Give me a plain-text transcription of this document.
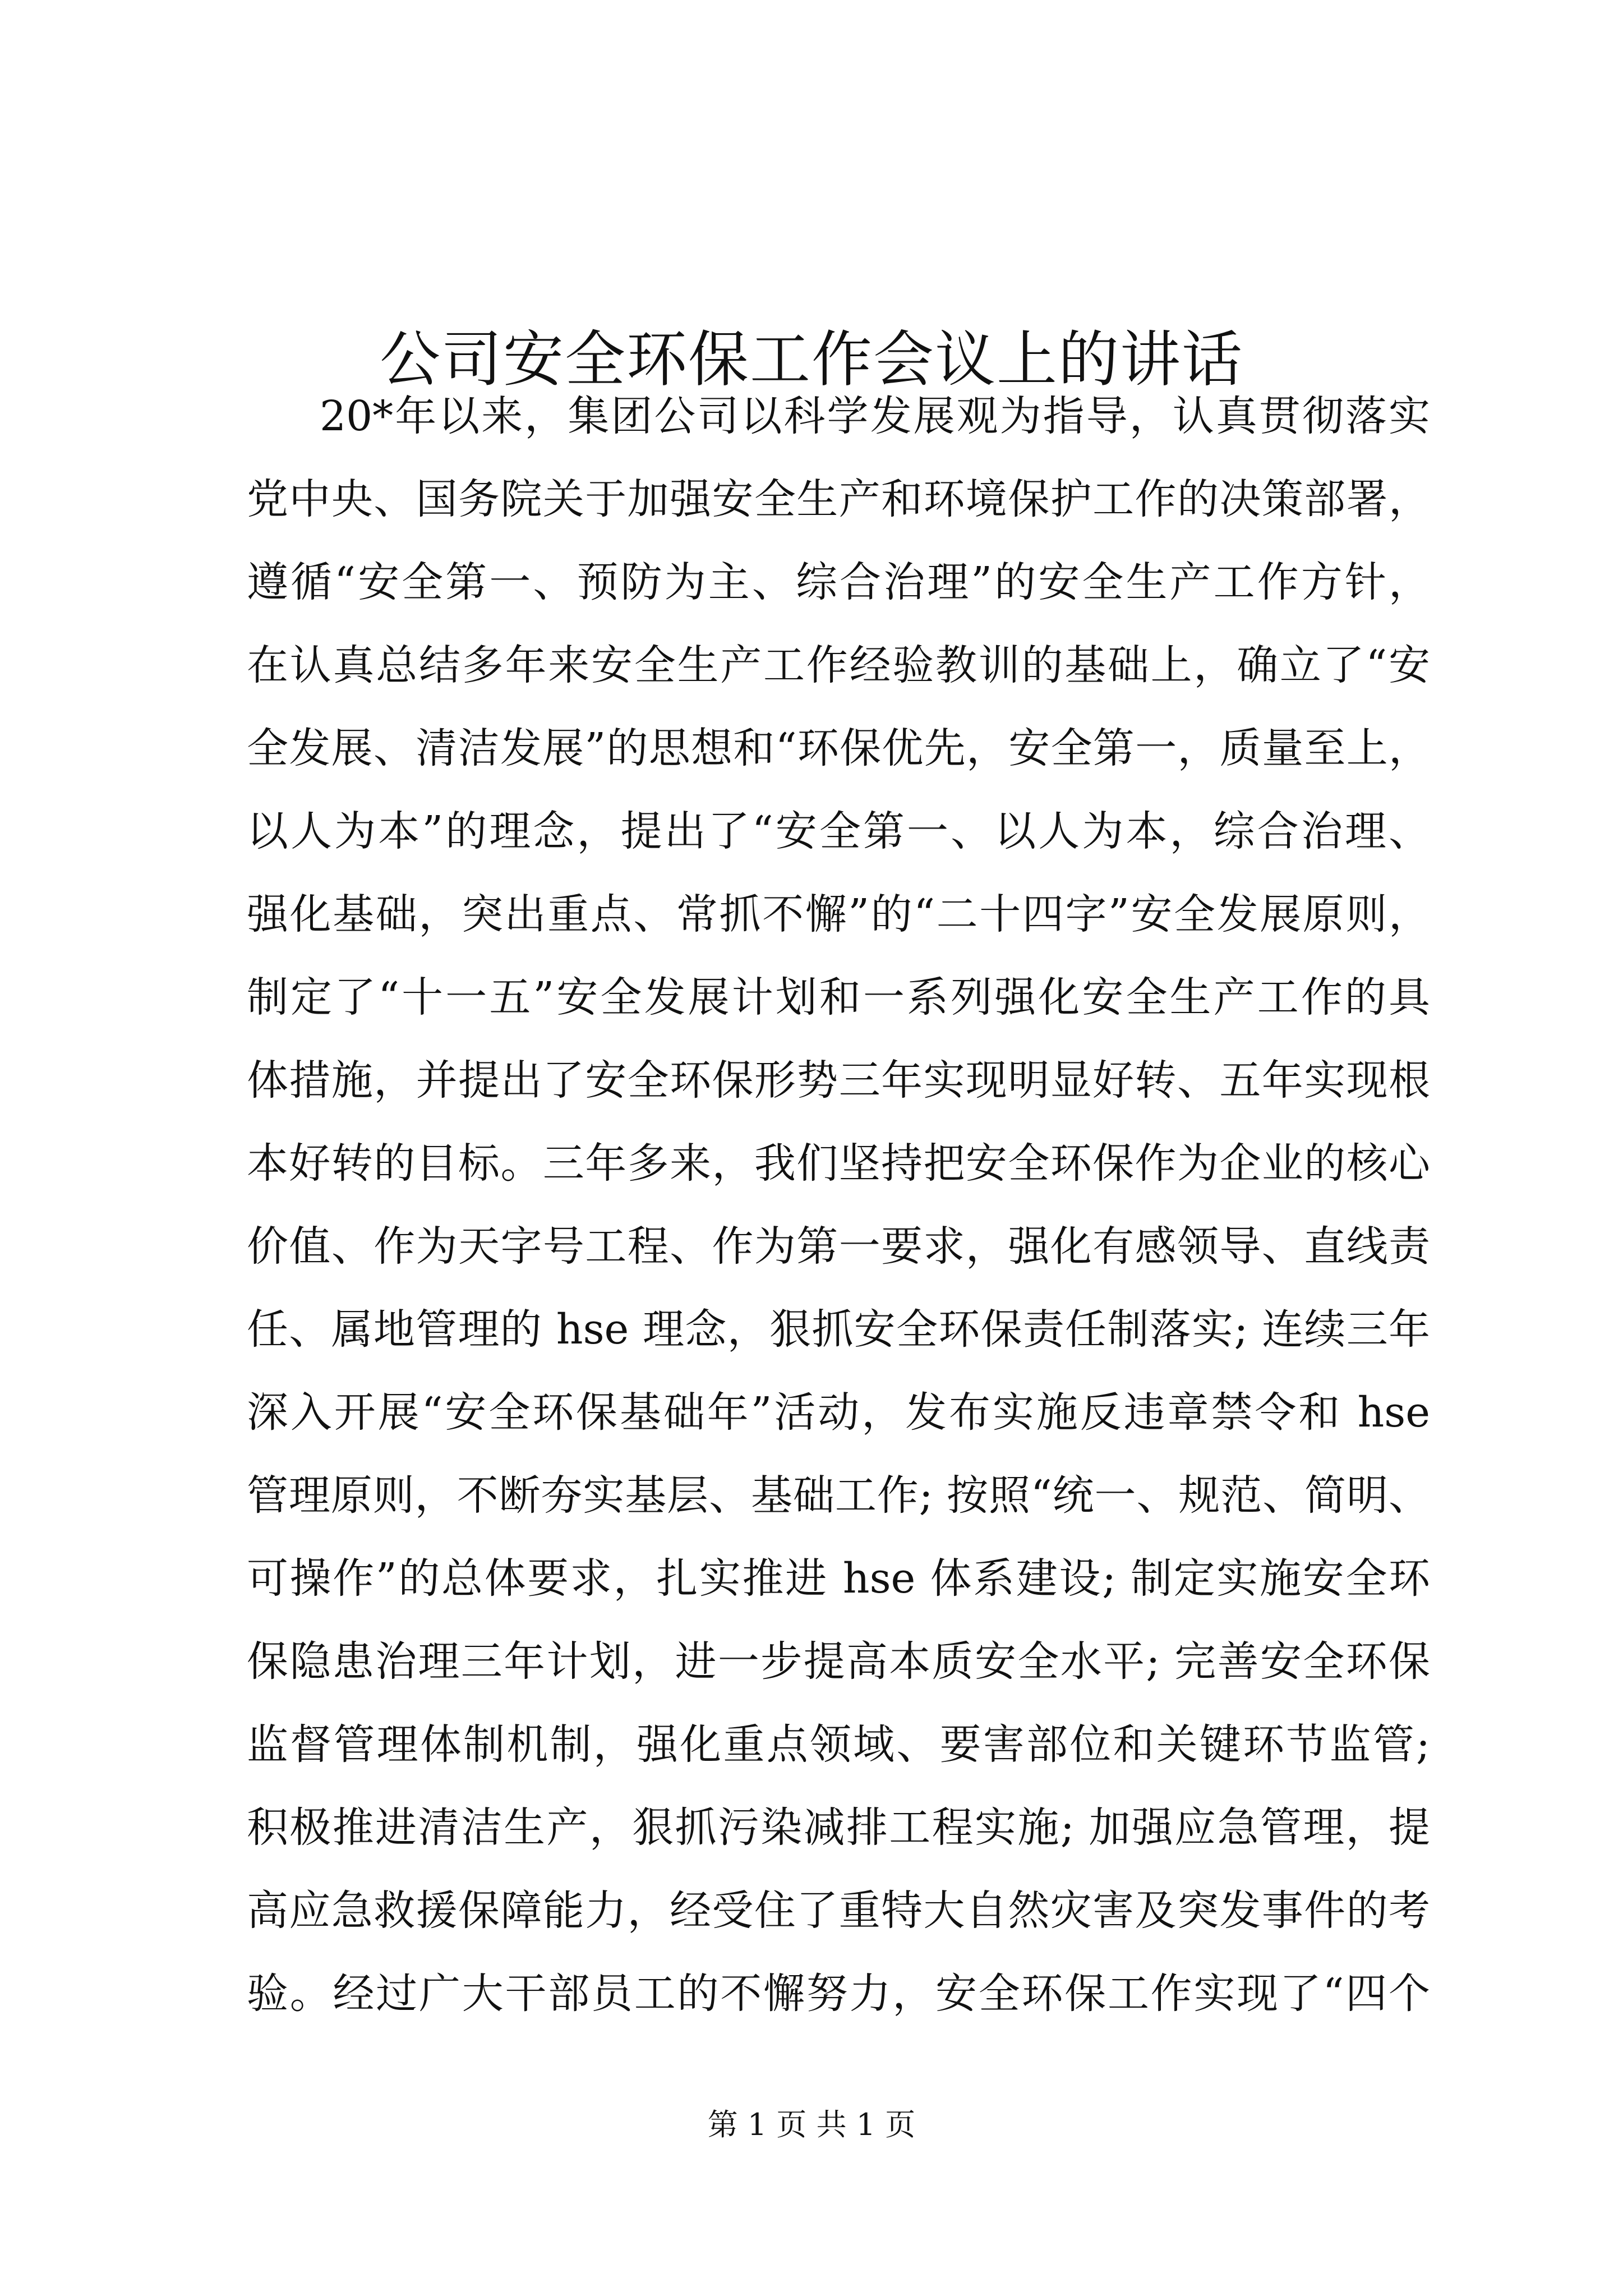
公司安全环保工作会议上的讲话
20*年以来，集团公司以科学发展观为指导，认真贯彻落实
党中央、国务院关于加强安全生产和环境保护工作的决策部署，
遵循“安全第一、预防为主、综合治理”的安全生产工作方针，
在认真总结多年来安全生产工作经验教训的基础上，确立了“安
全发展、清洁发展”的思想和“环保优先，安全第一，质量至上，
以人为本”的理念，提出了“安全第一、以人为本，综合治理、
强化基础，突出重点、常抓不懈”的“二十四字”安全发展原则，
制定了“十一五”安全发展计划和一系列强化安全生产工作的具
体措施，并提出了安全环保形势三年实现明显好转、五年实现根
本好转的目标。三年多来，我们坚持把安全环保作为企业的核心
价值、作为天字号工程、作为第一要求，强化有感领导、直线责
任、属地管理的 hse 理念，狠抓安全环保责任制落实; 连续三年
深入开展“安全环保基础年”活动，发布实施反违章禁令和 hse
管理原则，不断夯实基层、基础工作; 按照“统一、规范、简明、
可操作”的总体要求，扎实推进 hse 体系建设; 制定实施安全环
保隐患治理三年计划，进一步提高本质安全水平; 完善安全环保
监督管理体制机制，强化重点领域、要害部位和关键环节监管;
积极推进清洁生产，狠抓污染减排工程实施; 加强应急管理，提
高应急救援保障能力，经受住了重特大自然灾害及突发事件的考
验。经过广大干部员工的不懈努力，安全环保工作实现了“四个
第 1 页 共 1 页
